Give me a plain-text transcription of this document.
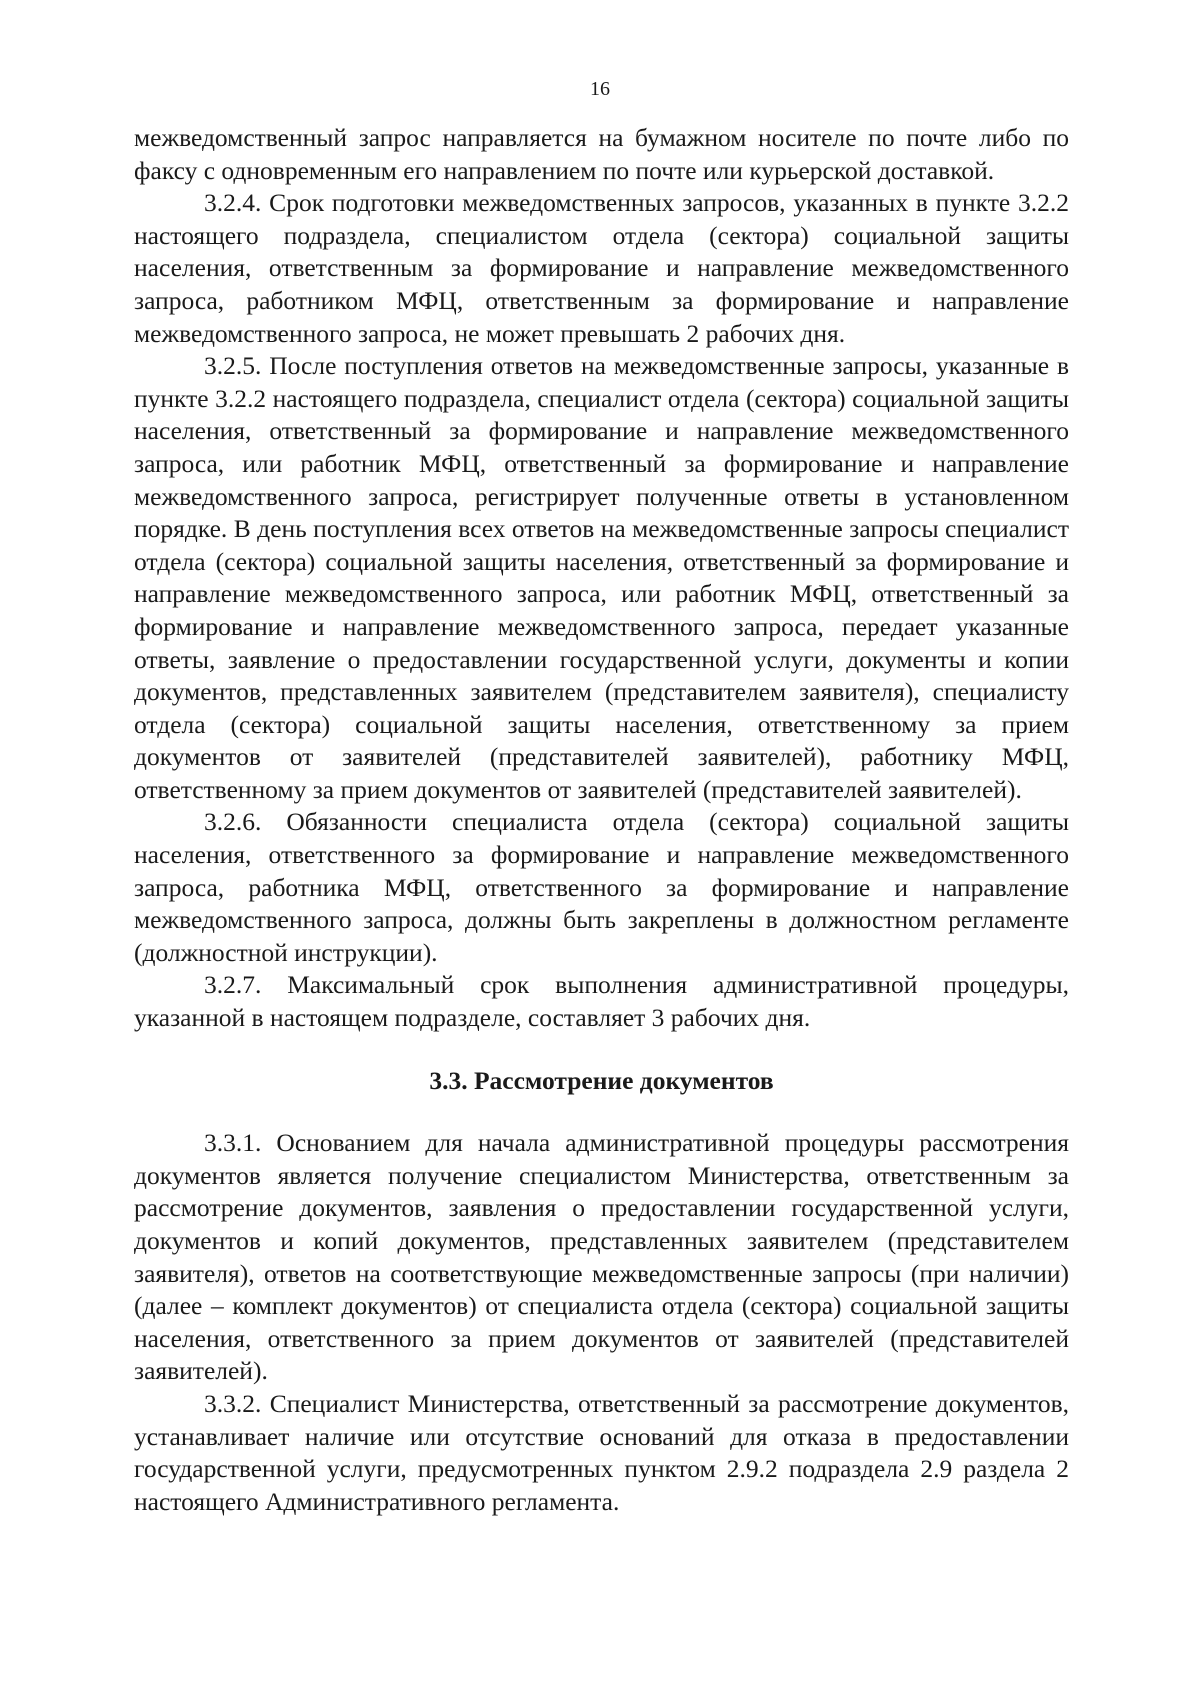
16

межведомственный запрос направляется на бумажном носителе по почте либо по факсу с одновременным его направлением по почте или курьерской доставкой.

3.2.4. Срок подготовки межведомственных запросов, указанных в пункте 3.2.2 настоящего подраздела, специалистом отдела (сектора) социальной защиты населения, ответственным за формирование и направление межведомственного запроса, работником МФЦ, ответственным за формирование и направление межведомственного запроса, не может превышать 2 рабочих дня.

3.2.5. После поступления ответов на межведомственные запросы, указанные в пункте 3.2.2 настоящего подраздела, специалист отдела (сектора) социальной защиты населения, ответственный за формирование и направление межведомственного запроса, или работник МФЦ, ответственный за формирование и направление межведомственного запроса, регистрирует полученные ответы в установленном порядке. В день поступления всех ответов на межведомственные запросы специалист отдела (сектора) социальной защиты населения, ответственный за формирование и направление межведомственного запроса, или работник МФЦ, ответственный за формирование и направление межведомственного запроса, передает указанные ответы, заявление о предоставлении государственной услуги, документы и копии документов, представленных заявителем (представителем заявителя), специалисту отдела (сектора) социальной защиты населения, ответственному за прием документов от заявителей (представителей заявителей), работнику МФЦ, ответственному за прием документов от заявителей (представителей заявителей).

3.2.6. Обязанности специалиста отдела (сектора) социальной защиты населения, ответственного за формирование и направление межведомственного запроса, работника МФЦ, ответственного за формирование и направление межведомственного запроса, должны быть закреплены в должностном регламенте (должностной инструкции).

3.2.7. Максимальный срок выполнения административной процедуры, указанной в настоящем подразделе, составляет 3 рабочих дня.

3.3. Рассмотрение документов

3.3.1. Основанием для начала административной процедуры рассмотрения документов является получение специалистом Министерства, ответственным за рассмотрение документов, заявления о предоставлении государственной услуги, документов и копий документов, представленных заявителем (представителем заявителя), ответов на соответствующие межведомственные запросы (при наличии) (далее – комплект документов) от специалиста отдела (сектора) социальной защиты населения, ответственного за прием документов от заявителей (представителей заявителей).

3.3.2. Специалист Министерства, ответственный за рассмотрение документов, устанавливает наличие или отсутствие оснований для отказа в предоставлении государственной услуги, предусмотренных пунктом 2.9.2 подраздела 2.9 раздела 2 настоящего Административного регламента.
